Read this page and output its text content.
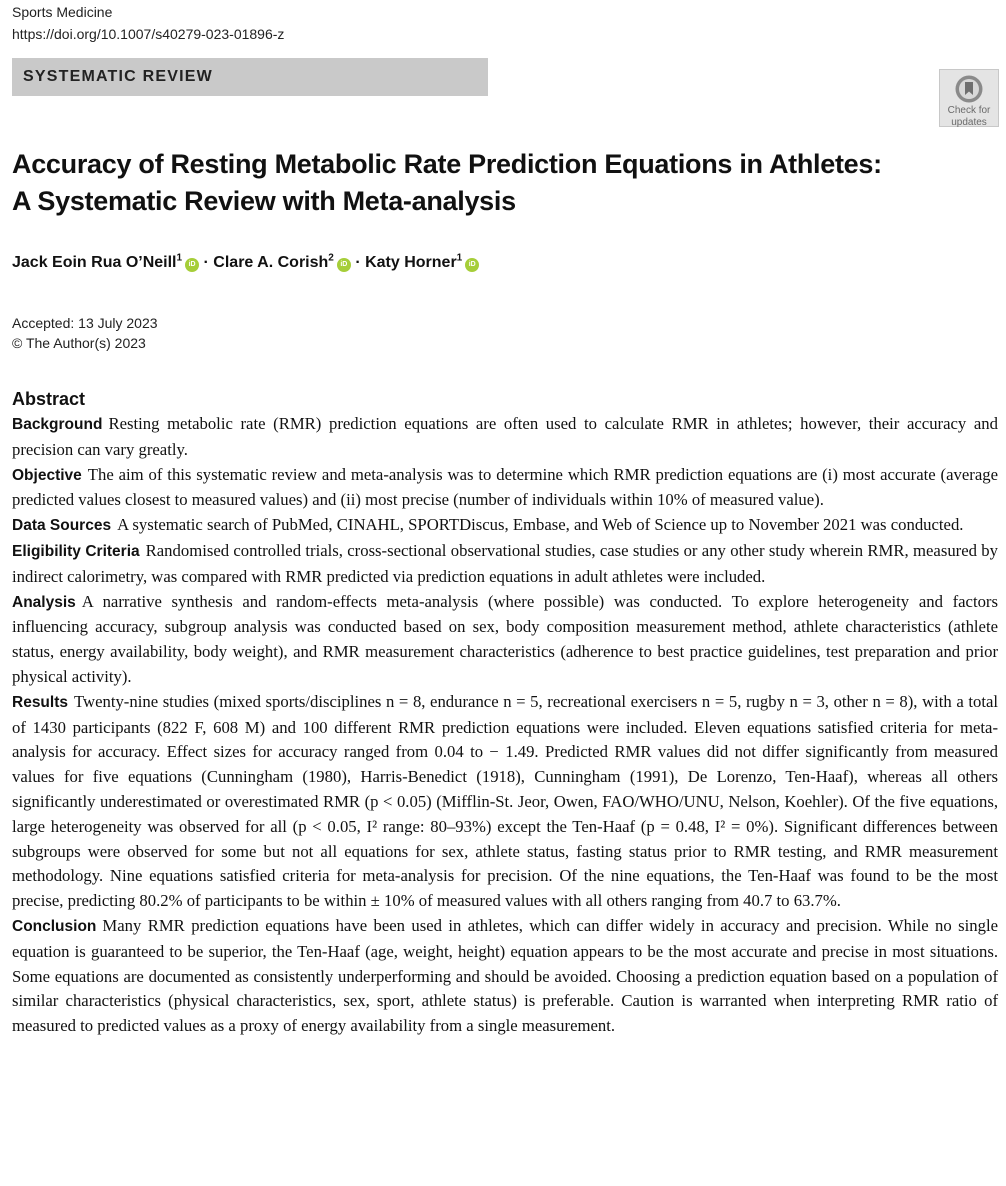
Sports Medicine
https://doi.org/10.1007/s40279-023-01896-z
SYSTEMATIC REVIEW
Check for
updates
Accuracy of Resting Metabolic Rate Prediction Equations in Athletes:
A Systematic Review with Meta-analysis
Jack Eoin Rua O’Neill$^1$iD · Clare A. Corish$^2$iD · Katy Horner$^1$iD
Accepted: 13 July 2023
© The Author(s) 2023
Abstract

Background Resting metabolic rate (RMR) prediction equations are often used to calculate RMR in athletes; however, their accuracy and precision can vary greatly.

Objective The aim of this systematic review and meta-analysis was to determine which RMR prediction equations are (i) most accurate (average predicted values closest to measured values) and (ii) most precise (number of individuals within 10% of measured value).

Data Sources A systematic search of PubMed, CINAHL, SPORTDiscus, Embase, and Web of Science up to November 2021 was conducted.

Eligibility Criteria Randomised controlled trials, cross-sectional observational studies, case studies or any other study wherein RMR, measured by indirect calorimetry, was compared with RMR predicted via prediction equations in adult athletes were included.

Analysis A narrative synthesis and random-effects meta-analysis (where possible) was conducted. To explore heterogeneity and factors influencing accuracy, subgroup analysis was conducted based on sex, body composition measurement method, athlete characteristics (athlete status, energy availability, body weight), and RMR measurement characteristics (adherence to best practice guidelines, test preparation and prior physical activity).

Results Twenty-nine studies (mixed sports/disciplines n = 8, endurance n = 5, recreational exercisers n = 5, rugby n = 3, other n = 8), with a total of 1430 participants (822 F, 608 M) and 100 different RMR prediction equations were included. Eleven equations satisfied criteria for meta-analysis for accuracy. Effect sizes for accuracy ranged from 0.04 to − 1.49. Predicted RMR values did not differ significantly from measured values for five equations (Cunningham (1980), Harris-Benedict (1918), Cunningham (1991), De Lorenzo, Ten-Haaf), whereas all others significantly underestimated or overestimated RMR (p < 0.05) (Mifflin-St. Jeor, Owen, FAO/WHO/UNU, Nelson, Koehler). Of the five equations, large heterogeneity was observed for all (p < 0.05, I² range: 80–93%) except the Ten-Haaf (p = 0.48, I² = 0%). Significant differences between subgroups were observed for some but not all equations for sex, athlete status, fasting status prior to RMR testing, and RMR measurement methodology. Nine equations satisfied criteria for meta-analysis for precision. Of the nine equations, the Ten-Haaf was found to be the most precise, predicting 80.2% of participants to be within ± 10% of measured values with all others ranging from 40.7 to 63.7%.

Conclusion Many RMR prediction equations have been used in athletes, which can differ widely in accuracy and precision. While no single equation is guaranteed to be superior, the Ten-Haaf (age, weight, height) equation appears to be the most accurate and precise in most situations. Some equations are documented as consistently underperforming and should be avoided. Choosing a prediction equation based on a population of similar characteristics (physical characteristics, sex, sport, athlete status) is preferable. Caution is warranted when interpreting RMR ratio of measured to predicted values as a proxy of energy availability from a single measurement.
